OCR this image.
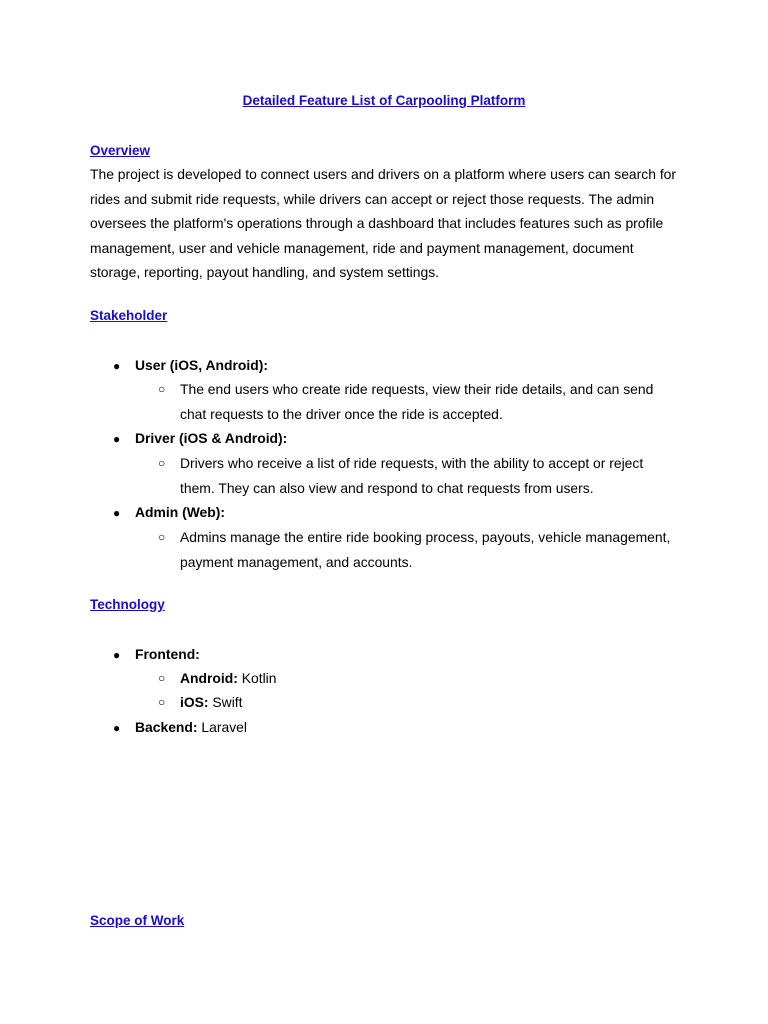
Detailed Feature List of Carpooling Platform
Overview
The project is developed to connect users and drivers on a platform where users can search for
rides and submit ride requests, while drivers can accept or reject those requests. The admin
oversees the platform's operations through a dashboard that includes features such as profile
management, user and vehicle management, ride and payment management, document
storage, reporting, payout handling, and system settings.
Stakeholder
● User (iOS, Android):
○ The end users who create ride requests, view their ride details, and can send
chat requests to the driver once the ride is accepted.
● Driver (iOS & Android):
○ Drivers who receive a list of ride requests, with the ability to accept or reject
them. They can also view and respond to chat requests from users.
● Admin (Web):
○ Admins manage the entire ride booking process, payouts, vehicle management,
payment management, and accounts.
Technology
● Frontend:
○ Android: Kotlin
○ iOS: Swift
● Backend: Laravel
Scope of Work
